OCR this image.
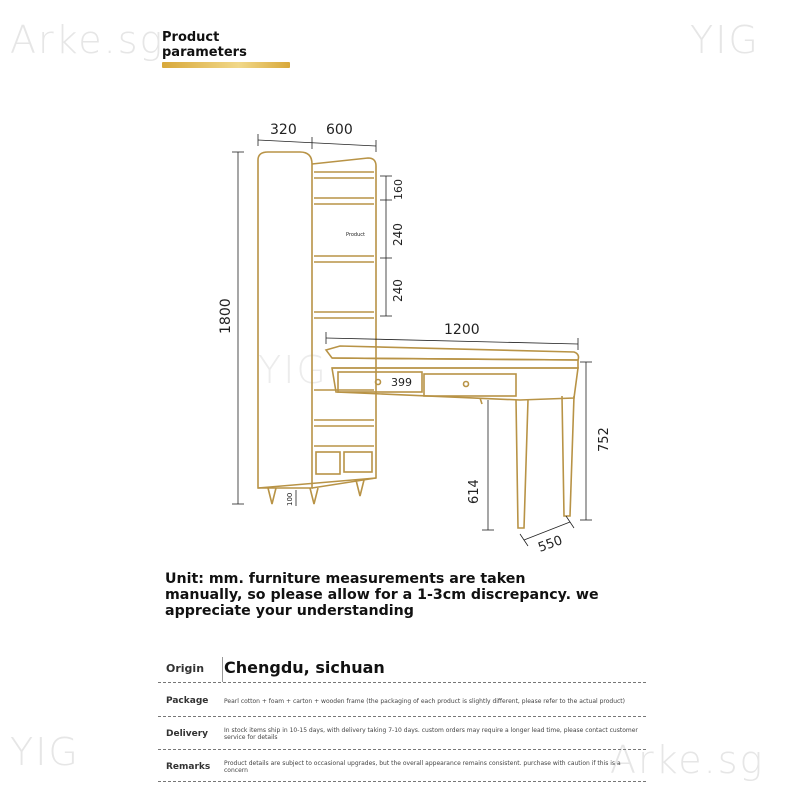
Arke.sg	YIG
YIG
YIG	Arke.sg
Product
parameters
320 600
1800
160
240
240
Product
1200
399
752
614
550
100
Unit: mm. furniture measurements are taken manually, so please allow for a 1-3cm discrepancy. we appreciate your understanding
Origin	Chengdu, sichuan
Package	Pearl cotton + foam + carton + wooden frame (the packaging of each product is slightly different, please refer to the actual product)
Delivery	In stock items ship in 10-15 days, with delivery taking 7-10 days. custom orders may require a longer lead time, please contact customer service for details
Remarks	Product details are subject to occasional upgrades, but the overall appearance remains consistent. purchase with caution if this is a concern
